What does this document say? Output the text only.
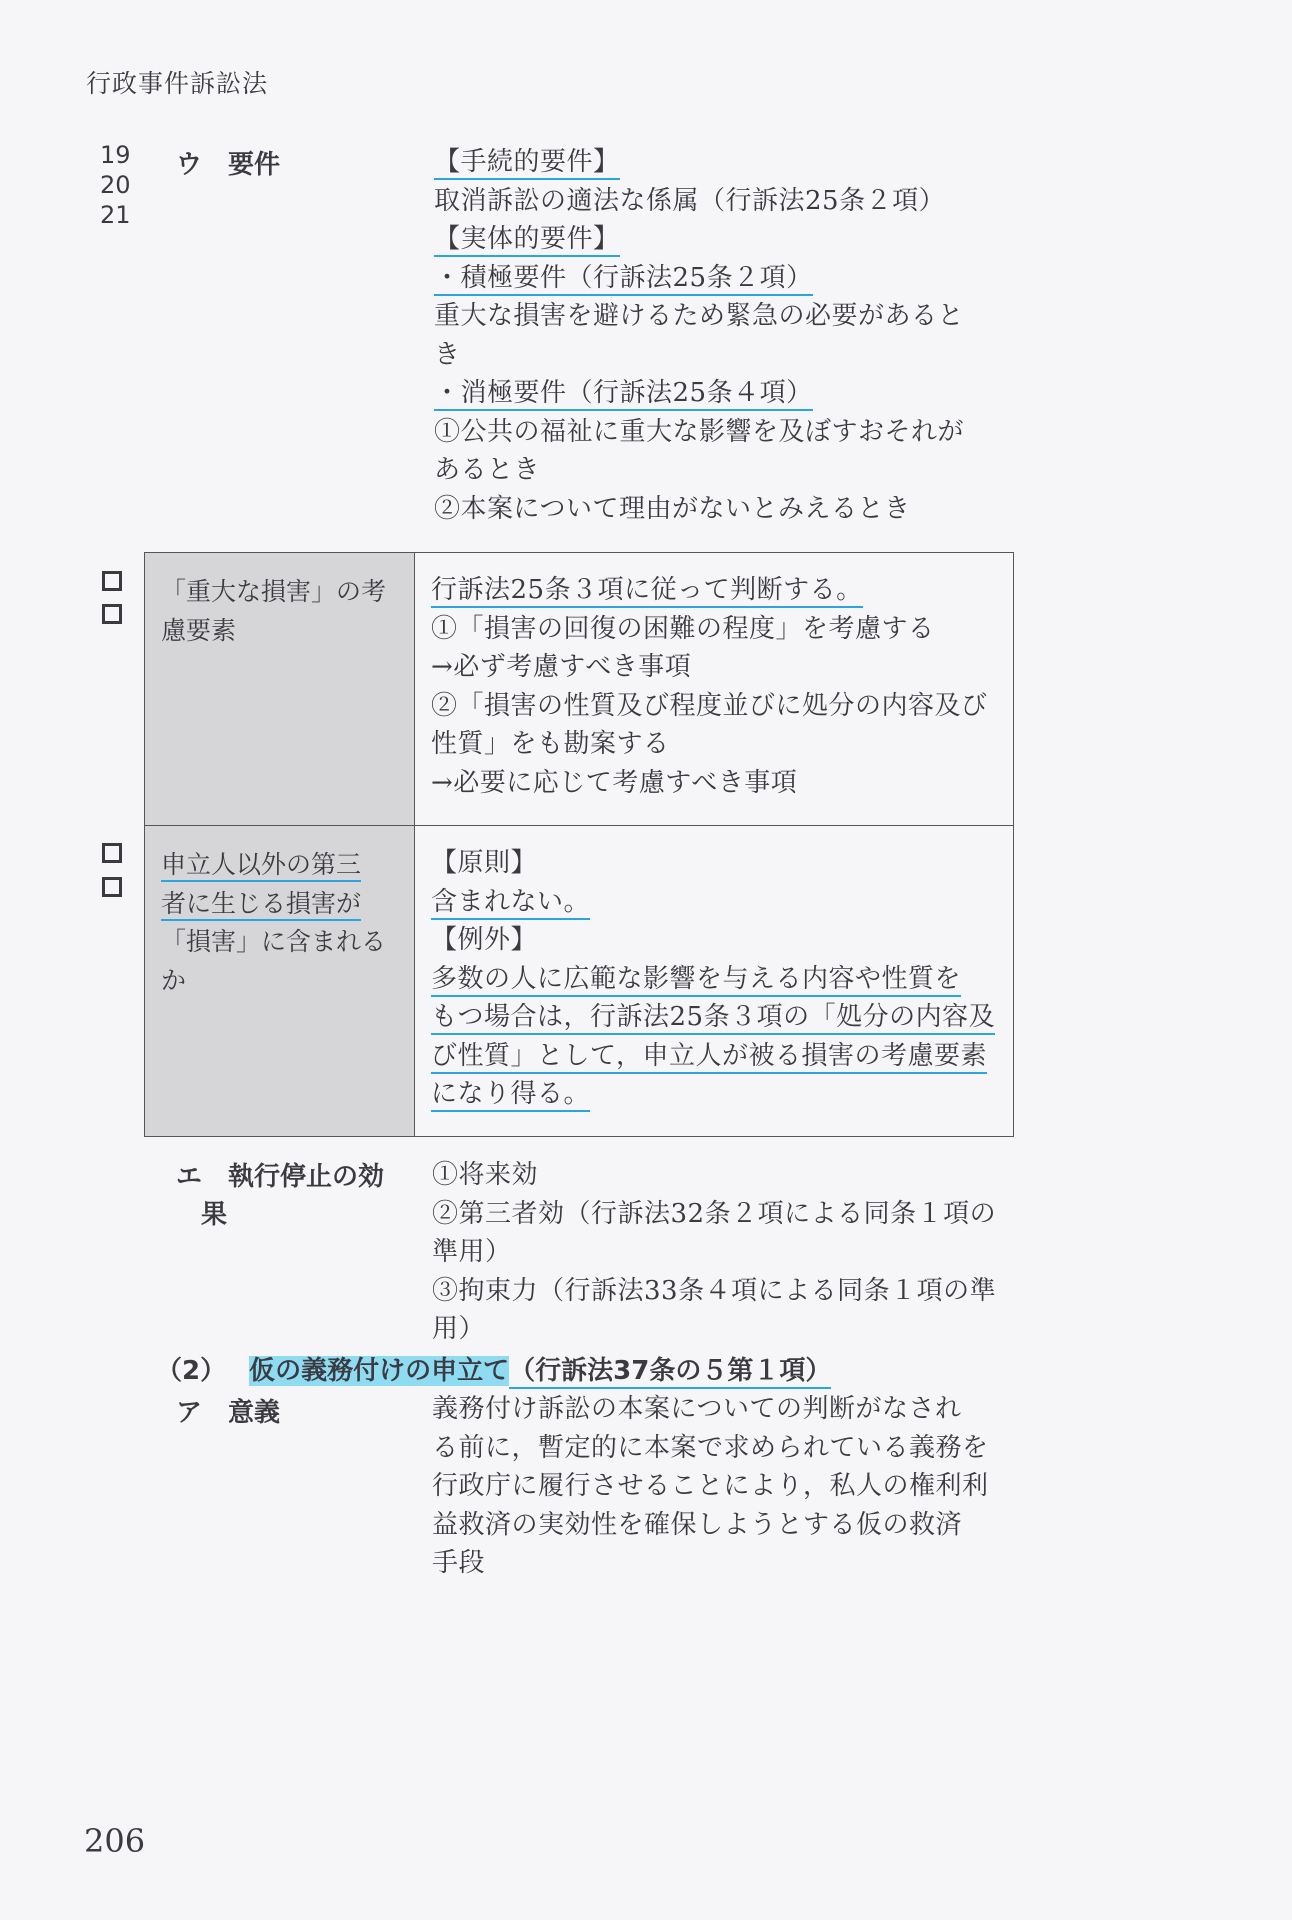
行政事件訴訟法
19
20
21
ウ　要件	【手続的要件】
取消訴訟の適法な係属（行訴法25条２項）
【実体的要件】
・積極要件（行訴法25条２項）
重大な損害を避けるため緊急の必要があると
き
・消極要件（行訴法25条４項）
①公共の福祉に重大な影響を及ぼすおそれが
あるとき
②本案について理由がないとみえるとき
「重大な損害」の考
慮要素
行訴法25条３項に従って判断する。
①「損害の回復の困難の程度」を考慮する
→必ず考慮すべき事項
②「損害の性質及び程度並びに処分の内容及び
性質」をも勘案する
→必要に応じて考慮すべき事項
申立人以外の第三
者に生じる損害が
「損害」に含まれる
か
【原則】
含まれない。
【例外】
多数の人に広範な影響を与える内容や性質を
もつ場合は，行訴法25条３項の「処分の内容及
び性質」として，申立人が被る損害の考慮要素
になり得る。
エ　執行停止の効
果
①将来効
②第三者効（行訴法32条２項による同条１項の
準用）
③拘束力（行訴法33条４項による同条１項の準
用）
（2） 仮の義務付けの申立て（行訴法37条の５第１項）
ア　意義	義務付け訴訟の本案についての判断がなされ
る前に，暫定的に本案で求められている義務を
行政庁に履行させることにより，私人の権利利
益救済の実効性を確保しようとする仮の救済
手段
206
